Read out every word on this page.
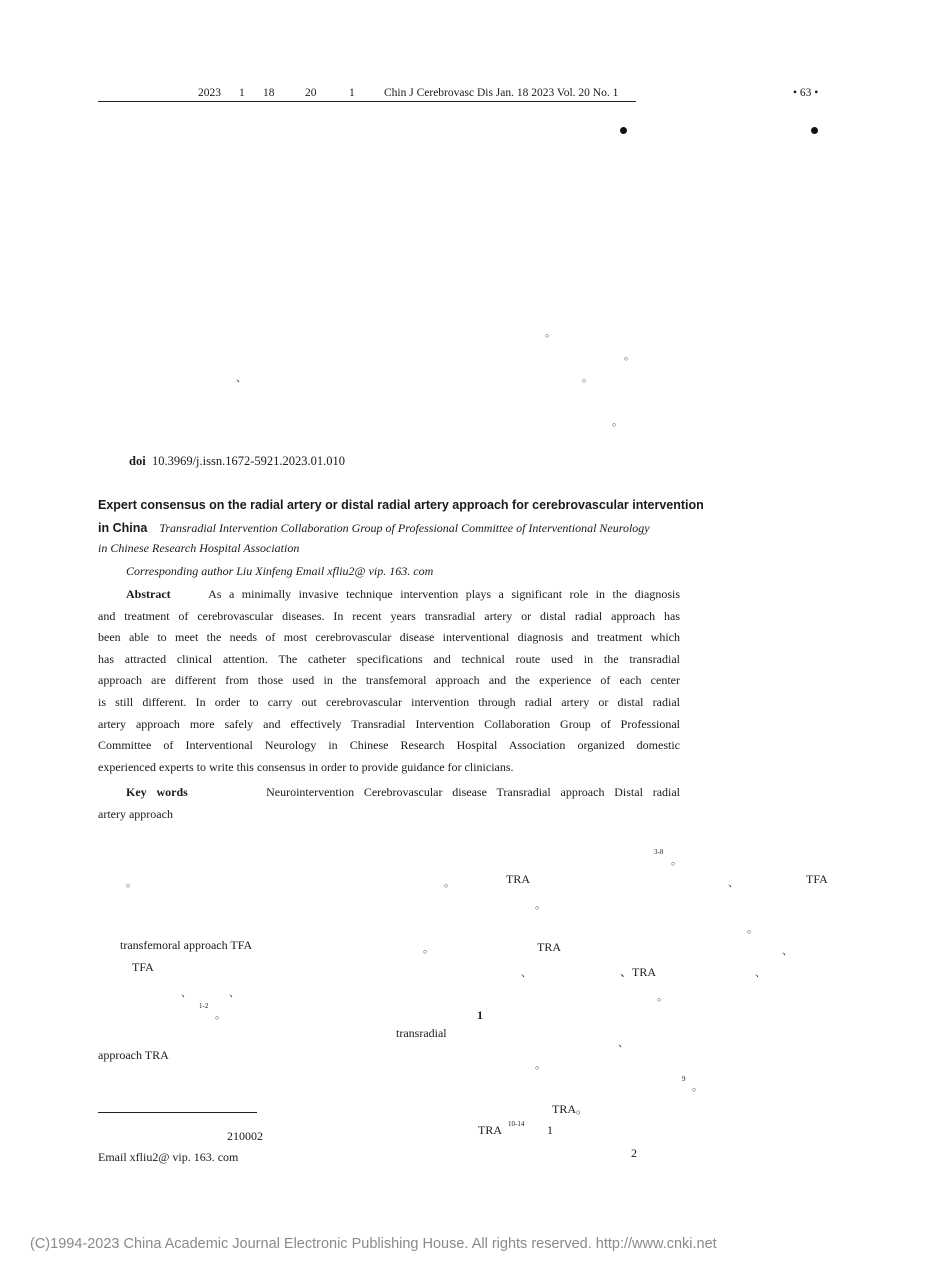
2023 1 18	20	1	Chin J Cerebrovasc Dis Jan. 18 2023 Vol. 20 No. 1	• 63 •
。
。
、	。
。
doi 10.3969/j.issn.1672-5921.2023.01.010
Expert consensus on the radial artery or distal radial artery approach for cerebrovascular intervention
in China Transradial Intervention Collaboration Group of Professional Committee of Interventional Neurology
in Chinese Research Hospital Association
Corresponding author Liu Xinfeng Email xfliu2@ vip. 163. com
Abstract	As a minimally invasive technique intervention plays a significant role in the diagnosis
and treatment of cerebrovascular diseases. In recent years transradial artery or distal radial approach has
been able to meet the needs of most cerebrovascular disease interventional diagnosis and treatment which
has attracted clinical attention. The catheter specifications and technical route used in the transradial
approach are different from those used in the transfemoral approach and the experience of each center
is still different. In order to carry out cerebrovascular intervention through radial artery or distal radial
artery approach more safely and effectively Transradial Intervention Collaboration Group of Professional
Committee of Interventional Neurology in Chinese Research Hospital Association organized domestic
experienced experts to write this consensus in order to provide guidance for clinicians.
Key words	Neurointervention Cerebrovascular disease Transradial approach Distal radial
artery approach
。
transfemoral approach TFA
TFA
、	、
1-2
。
transradial
approach TRA
210002
Email xfliu2@ vip. 163. com
3-8
。
。	TRA	、	TFA
。
。
。	TRA	、
、	、TRA	、
。
1
、
。
9
。
TRA。
TRA 10-14 1
2
(C)1994-2023 China Academic Journal Electronic Publishing House. All rights reserved. http://www.cnki.net
